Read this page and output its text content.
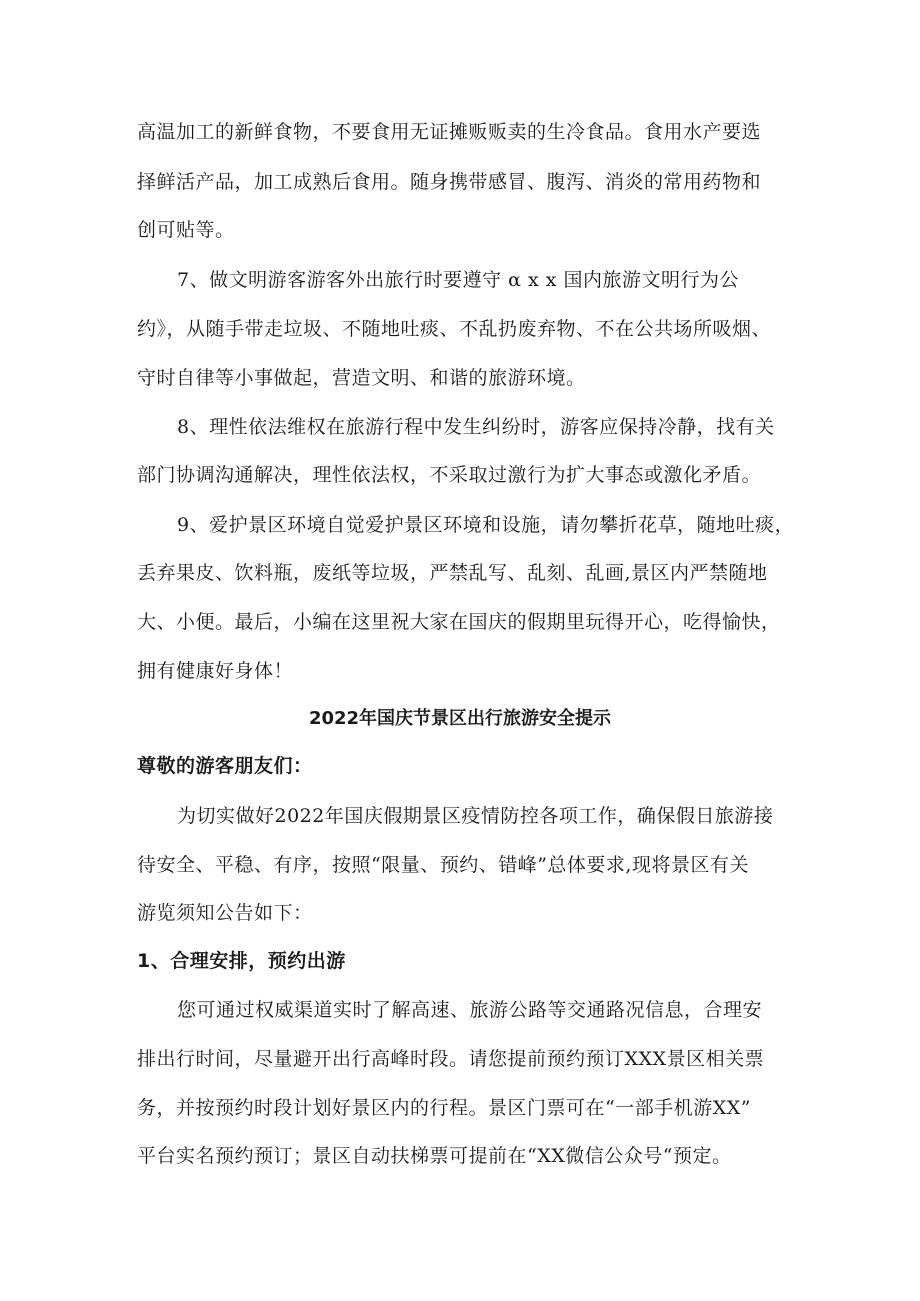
高温加工的新鲜食物，不要食用无证摊贩贩卖的生冷食品。食用水产要选
择鲜活产品，加工成熟后食用。随身携带感冒、腹泻、消炎的常用药物和
创可贴等。
7、做文明游客游客外出旅行时要遵守 α x x 国内旅游文明行为公
约》，从随手带走垃圾、不随地吐痰、不乱扔废弃物、不在公共场所吸烟、
守时自律等小事做起，营造文明、和谐的旅游环境。
8、理性依法维权在旅游行程中发生纠纷时，游客应保持冷静，找有关
部门协调沟通解决，理性依法权，不采取过激行为扩大事态或激化矛盾。
9、爱护景区环境自觉爱护景区环境和设施，请勿攀折花草，随地吐痰，
丢弃果皮、饮料瓶，废纸等垃圾，严禁乱写、乱刻、乱画,景区内严禁随地
大、小便。最后，小编在这里祝大家在国庆的假期里玩得开心，吃得愉快，
拥有健康好身体！
2022年国庆节景区出行旅游安全提示
尊敬的游客朋友们：
为切实做好2022年国庆假期景区疫情防控各项工作，确保假日旅游接
待安全、平稳、有序，按照“限量、预约、错峰”总体要求,现将景区有关
游览须知公告如下：
1、合理安排，预约出游
您可通过权威渠道实时了解高速、旅游公路等交通路况信息，合理安
排出行时间，尽量避开出行高峰时段。请您提前预约预订XXX景区相关票
务，并按预约时段计划好景区内的行程。景区门票可在“一部手机游XX”
平台实名预约预订；景区自动扶梯票可提前在“XX微信公众号“预定。
